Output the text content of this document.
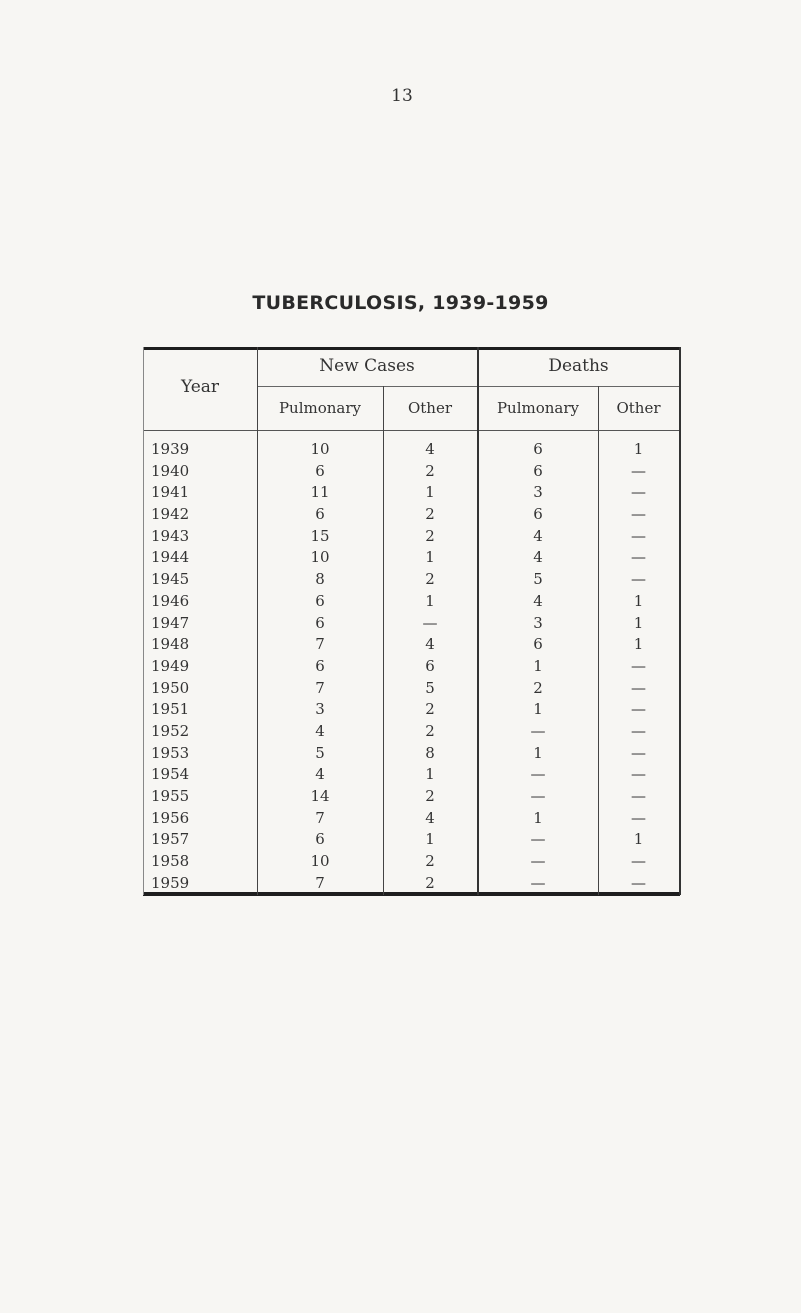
13
TUBERCULOSIS, 1939-1959
Year
New Cases	Deaths
Pulmonary	Other	Pulmonary	Other
1939	10	4	6	1
1940	6	2	6	—
1941	11	1	3	—
1942	6	2	6	—
1943	15	2	4	—
1944	10	1	4	—
1945	8	2	5	—
1946	6	1	4	1
1947	6	—	3	1
1948	7	4	6	1
1949	6	6	1	—
1950	7	5	2	—
1951	3	2	1	—
1952	4	2	—	—
1953	5	8	1	—
1954	4	1	—	—
1955	14	2	—	—
1956	7	4	1	—
1957	6	1	—	1
1958	10	2	—	—
1959	7	2	—	—
